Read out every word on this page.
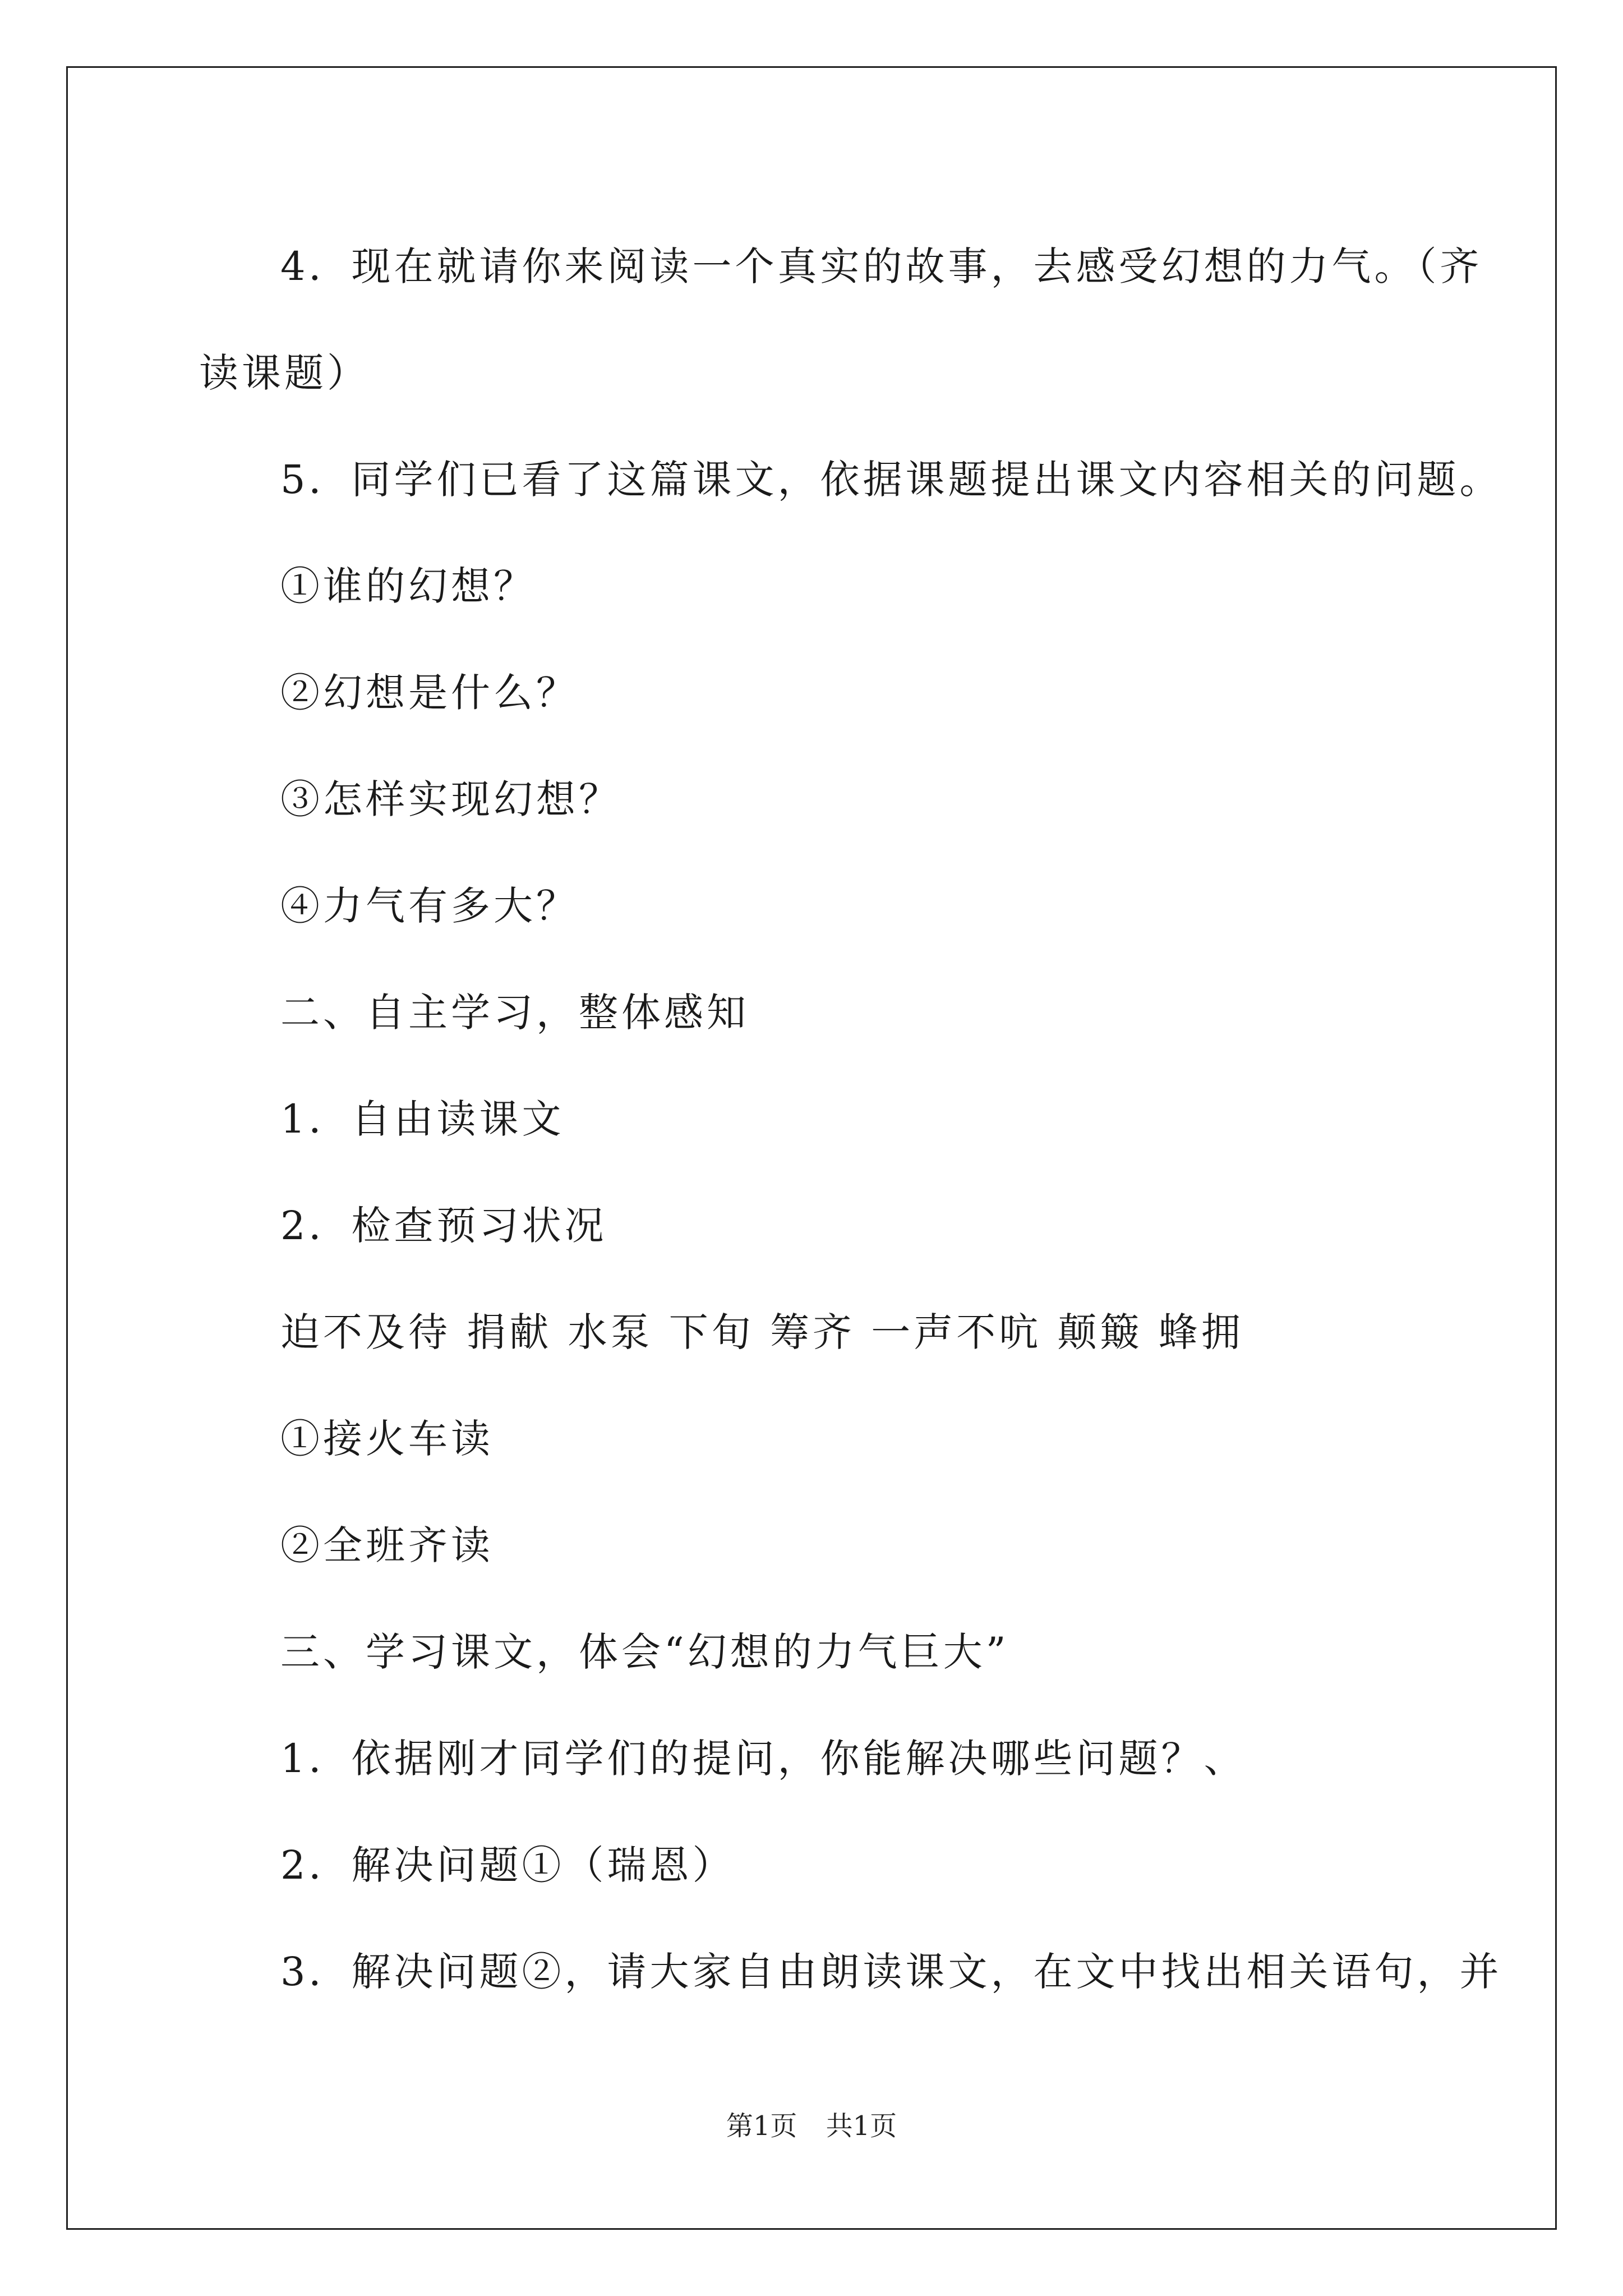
4．现在就请你来阅读一个真实的故事，去感受幻想的力气。（齐
读课题）
5．同学们已看了这篇课文，依据课题提出课文内容相关的问题。
①谁的幻想？
②幻想是什么？
③怎样实现幻想？
④力气有多大？
二、自主学习，整体感知
1．自由读课文
2．检查预习状况
迫不及待 捐献 水泵 下旬 筹齐 一声不吭 颠簸 蜂拥
①接火车读
②全班齐读
三、学习课文，体会“幻想的力气巨大”
1．依据刚才同学们的提问，你能解决哪些问题？、
2．解决问题①（瑞恩）
3．解决问题②，请大家自由朗读课文，在文中找出相关语句，并
第1页 共1页
